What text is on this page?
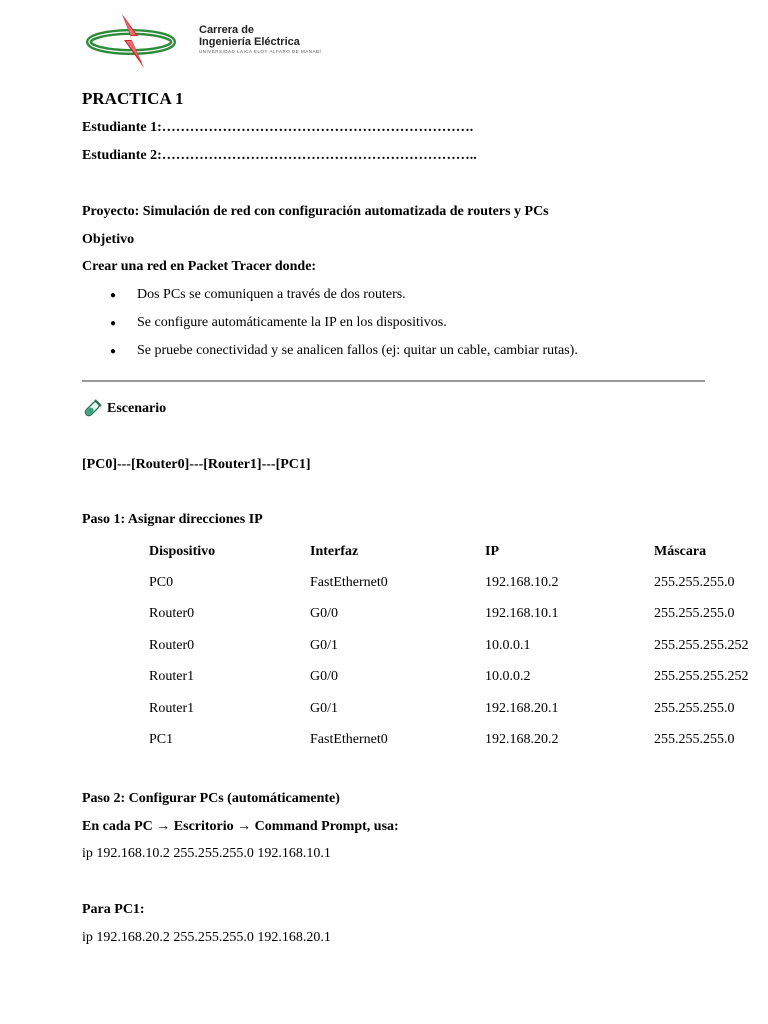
Carrera de
Ingeniería Eléctrica
UNIVERSIDAD LAICA ELOY ALFARO DE MANABÍ
PRACTICA 1
Estudiante 1:………………………………………………………….
Estudiante 2:…………………………………………………………..
Proyecto: Simulación de red con configuración automatizada de routers y PCs
Objetivo
Crear una red en Packet Tracer donde:
● Dos PCs se comuniquen a través de dos routers.
● Se configure automáticamente la IP en los dispositivos.
● Se pruebe conectividad y se analicen fallos (ej: quitar un cable, cambiar rutas).
Escenario
[PC0]---[Router0]---[Router1]---[PC1]
Paso 1: Asignar direcciones IP
Dispositivo	Interfaz	IP	Máscara
PC0	FastEthernet0	192.168.10.2	255.255.255.0
Router0	G0/0	192.168.10.1	255.255.255.0
Router0	G0/1	10.0.0.1	255.255.255.252
Router1	G0/0	10.0.0.2	255.255.255.252
Router1	G0/1	192.168.20.1	255.255.255.0
PC1	FastEthernet0	192.168.20.2	255.255.255.0
Paso 2: Configurar PCs (automáticamente)
En cada PC → Escritorio → Command Prompt, usa:
ip 192.168.10.2 255.255.255.0 192.168.10.1
Para PC1:
ip 192.168.20.2 255.255.255.0 192.168.20.1
